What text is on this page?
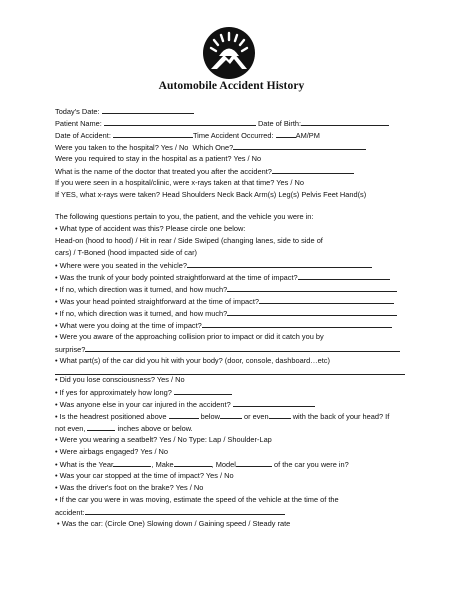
Automobile Accident History
Today's Date:
Patient Name:	Date of Birth:
Date of Accident:	Time Accident Occurred:	AM/PM
Were you taken to the hospital? Yes / No Which One?
Were you required to stay in the hospital as a patient? Yes / No
What is the name of the doctor that treated you after the accident?
If you were seen in a hospital/clinic, were x-rays taken at that time? Yes / No
If YES, what x-rays were taken? Head Shoulders Neck Back Arm(s) Leg(s) Pelvis Feet Hand(s)
The following questions pertain to you, the patient, and the vehicle you were in:
• What type of accident was this? Please circle one below:
Head-on (hood to hood) / Hit in rear / Side Swiped (changing lanes, side to side of
cars) / T-Boned (hood impacted side of car)
• Where were you seated in the vehicle?
• Was the trunk of your body pointed straightforward at the time of impact?
• If no, which direction was it turned, and how much?
• Was your head pointed straightforward at the time of impact?
• If no, which direction was it turned, and how much?
• What were you doing at the time of impact?
• Were you aware of the approaching collision prior to impact or did it catch you by
surprise?
• What part(s) of the car did you hit with your body? (door, console, dashboard…etc)
• Did you lose consciousness? Yes / No
• If yes for approximately how long?
• Was anyone else in your car injured in the accident?
• Is the headrest positioned above	below	or even	with the back of your head? If
not even,	inches above or below.
• Were you wearing a seatbelt? Yes / No Type: Lap / Shoulder-Lap
• Were airbags engaged? Yes / No
• What is the Year	, Make	, Model	of the car you were in?
• Was your car stopped at the time of impact? Yes / No
• Was the driver's foot on the brake? Yes / No
• If the car you were in was moving, estimate the speed of the vehicle at the time of the
accident:
• Was the car: (Circle One) Slowing down / Gaining speed / Steady rate
